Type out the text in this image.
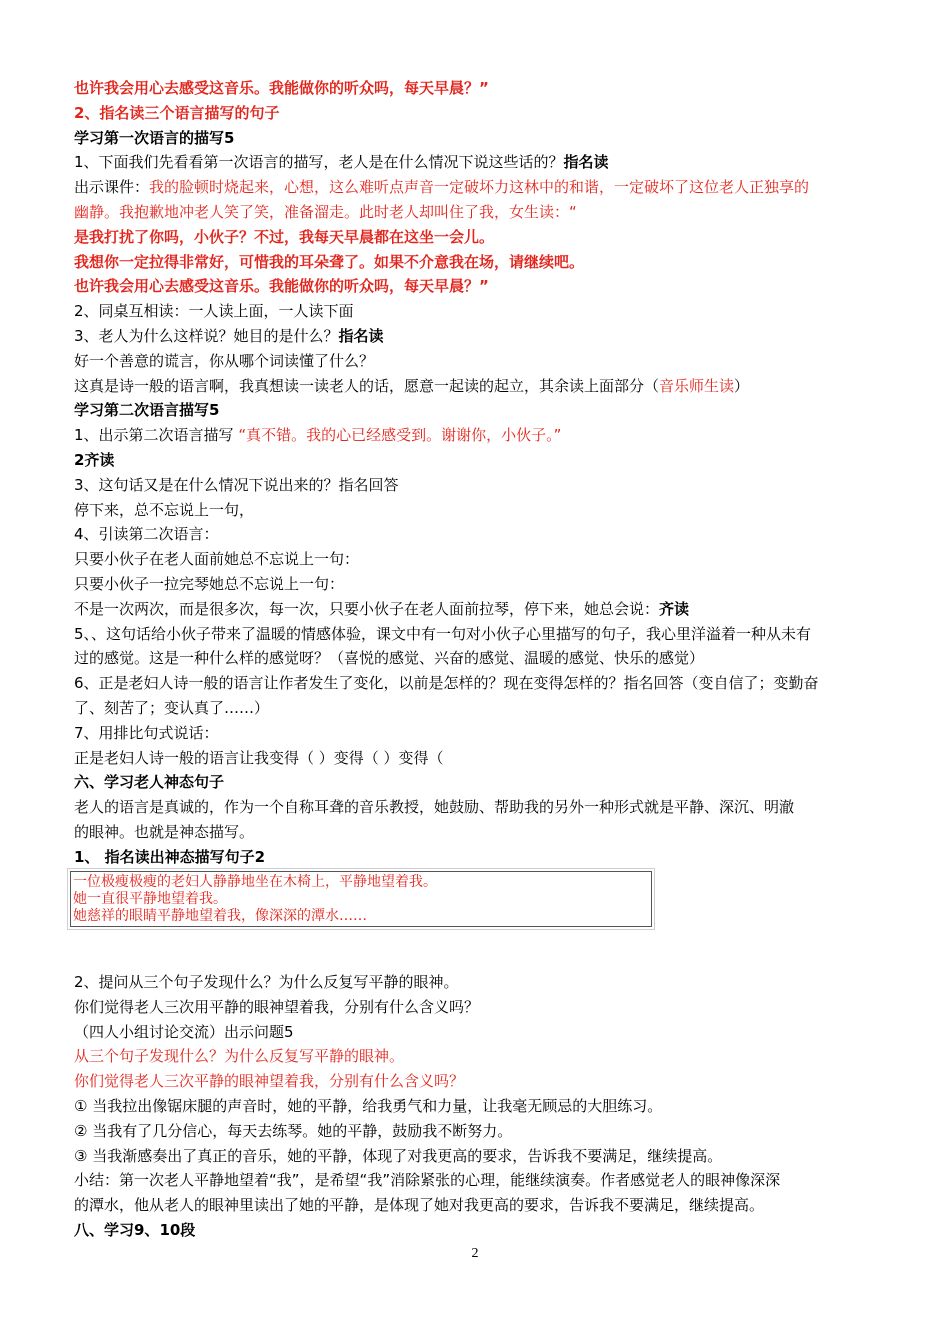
也许我会用心去感受这音乐。我能做你的听众吗，每天早晨？”
2、指名读三个语言描写的句子
学习第一次语言的描写5
1、下面我们先看看第一次语言的描写，老人是在什么情况下说这些话的？指名读
出示课件：我的脸顿时烧起来，心想，这么难听点声音一定破坏力这林中的和谐，一定破坏了这位老人正独享的
幽静。我抱歉地冲老人笑了笑，准备溜走。此时老人却叫住了我，女生读：“
是我打扰了你吗，小伙子？不过，我每天早晨都在这坐一会儿。
我想你一定拉得非常好，可惜我的耳朵聋了。如果不介意我在场，请继续吧。
也许我会用心去感受这音乐。我能做你的听众吗，每天早晨？”
2、同桌互相读：一人读上面，一人读下面
3、老人为什么这样说？她目的是什么？指名读
好一个善意的谎言，你从哪个词读懂了什么？
这真是诗一般的语言啊，我真想读一读老人的话，愿意一起读的起立，其余读上面部分（音乐师生读）
学习第二次语言描写5
1、出示第二次语言描写 “真不错。我的心已经感受到。谢谢你，小伙子。”
2齐读
3、这句话又是在什么情况下说出来的？指名回答
停下来，总不忘说上一句，
4、引读第二次语言：
只要小伙子在老人面前她总不忘说上一句：
只要小伙子一拉完琴她总不忘说上一句：
不是一次两次，而是很多次，每一次，只要小伙子在老人面前拉琴，停下来，她总会说：齐读
5、、这句话给小伙子带来了温暖的情感体验，课文中有一句对小伙子心里描写的句子，我心里洋溢着一种从未有
过的感觉。这是一种什么样的感觉呀？（喜悦的感觉、兴奋的感觉、温暖的感觉、快乐的感觉）
6、正是老妇人诗一般的语言让作者发生了变化，以前是怎样的？现在变得怎样的？指名回答（变自信了；变勤奋
了、刻苦了；变认真了……）
7、用排比句式说话：
正是老妇人诗一般的语言让我变得（ ）变得（ ）变得（
六、学习老人神态句子
老人的语言是真诚的，作为一个自称耳聋的音乐教授，她鼓励、帮助我的另外一种形式就是平静、深沉、明澈
的眼神。也就是神态描写。
1、 指名读出神态描写句子2
一位极瘦极瘦的老妇人静静地坐在木椅上，平静地望着我。
她一直很平静地望着我。
她慈祥的眼睛平静地望着我，像深深的潭水……
2、提问从三个句子发现什么？为什么反复写平静的眼神。
你们觉得老人三次用平静的眼神望着我，分别有什么含义吗？
（四人小组讨论交流）出示问题5
从三个句子发现什么？为什么反复写平静的眼神。
你们觉得老人三次平静的眼神望着我，分别有什么含义吗？
① 当我拉出像锯床腿的声音时，她的平静，给我勇气和力量，让我毫无顾忌的大胆练习。
② 当我有了几分信心，每天去练琴。她的平静，鼓励我不断努力。
③ 当我渐感奏出了真正的音乐，她的平静，体现了对我更高的要求，告诉我不要满足，继续提高。
小结：第一次老人平静地望着“我”，是希望“我”消除紧张的心理，能继续演奏。作者感觉老人的眼神像深深
的潭水，他从老人的眼神里读出了她的平静，是体现了她对我更高的要求，告诉我不要满足，继续提高。
八、学习9、10段
2
